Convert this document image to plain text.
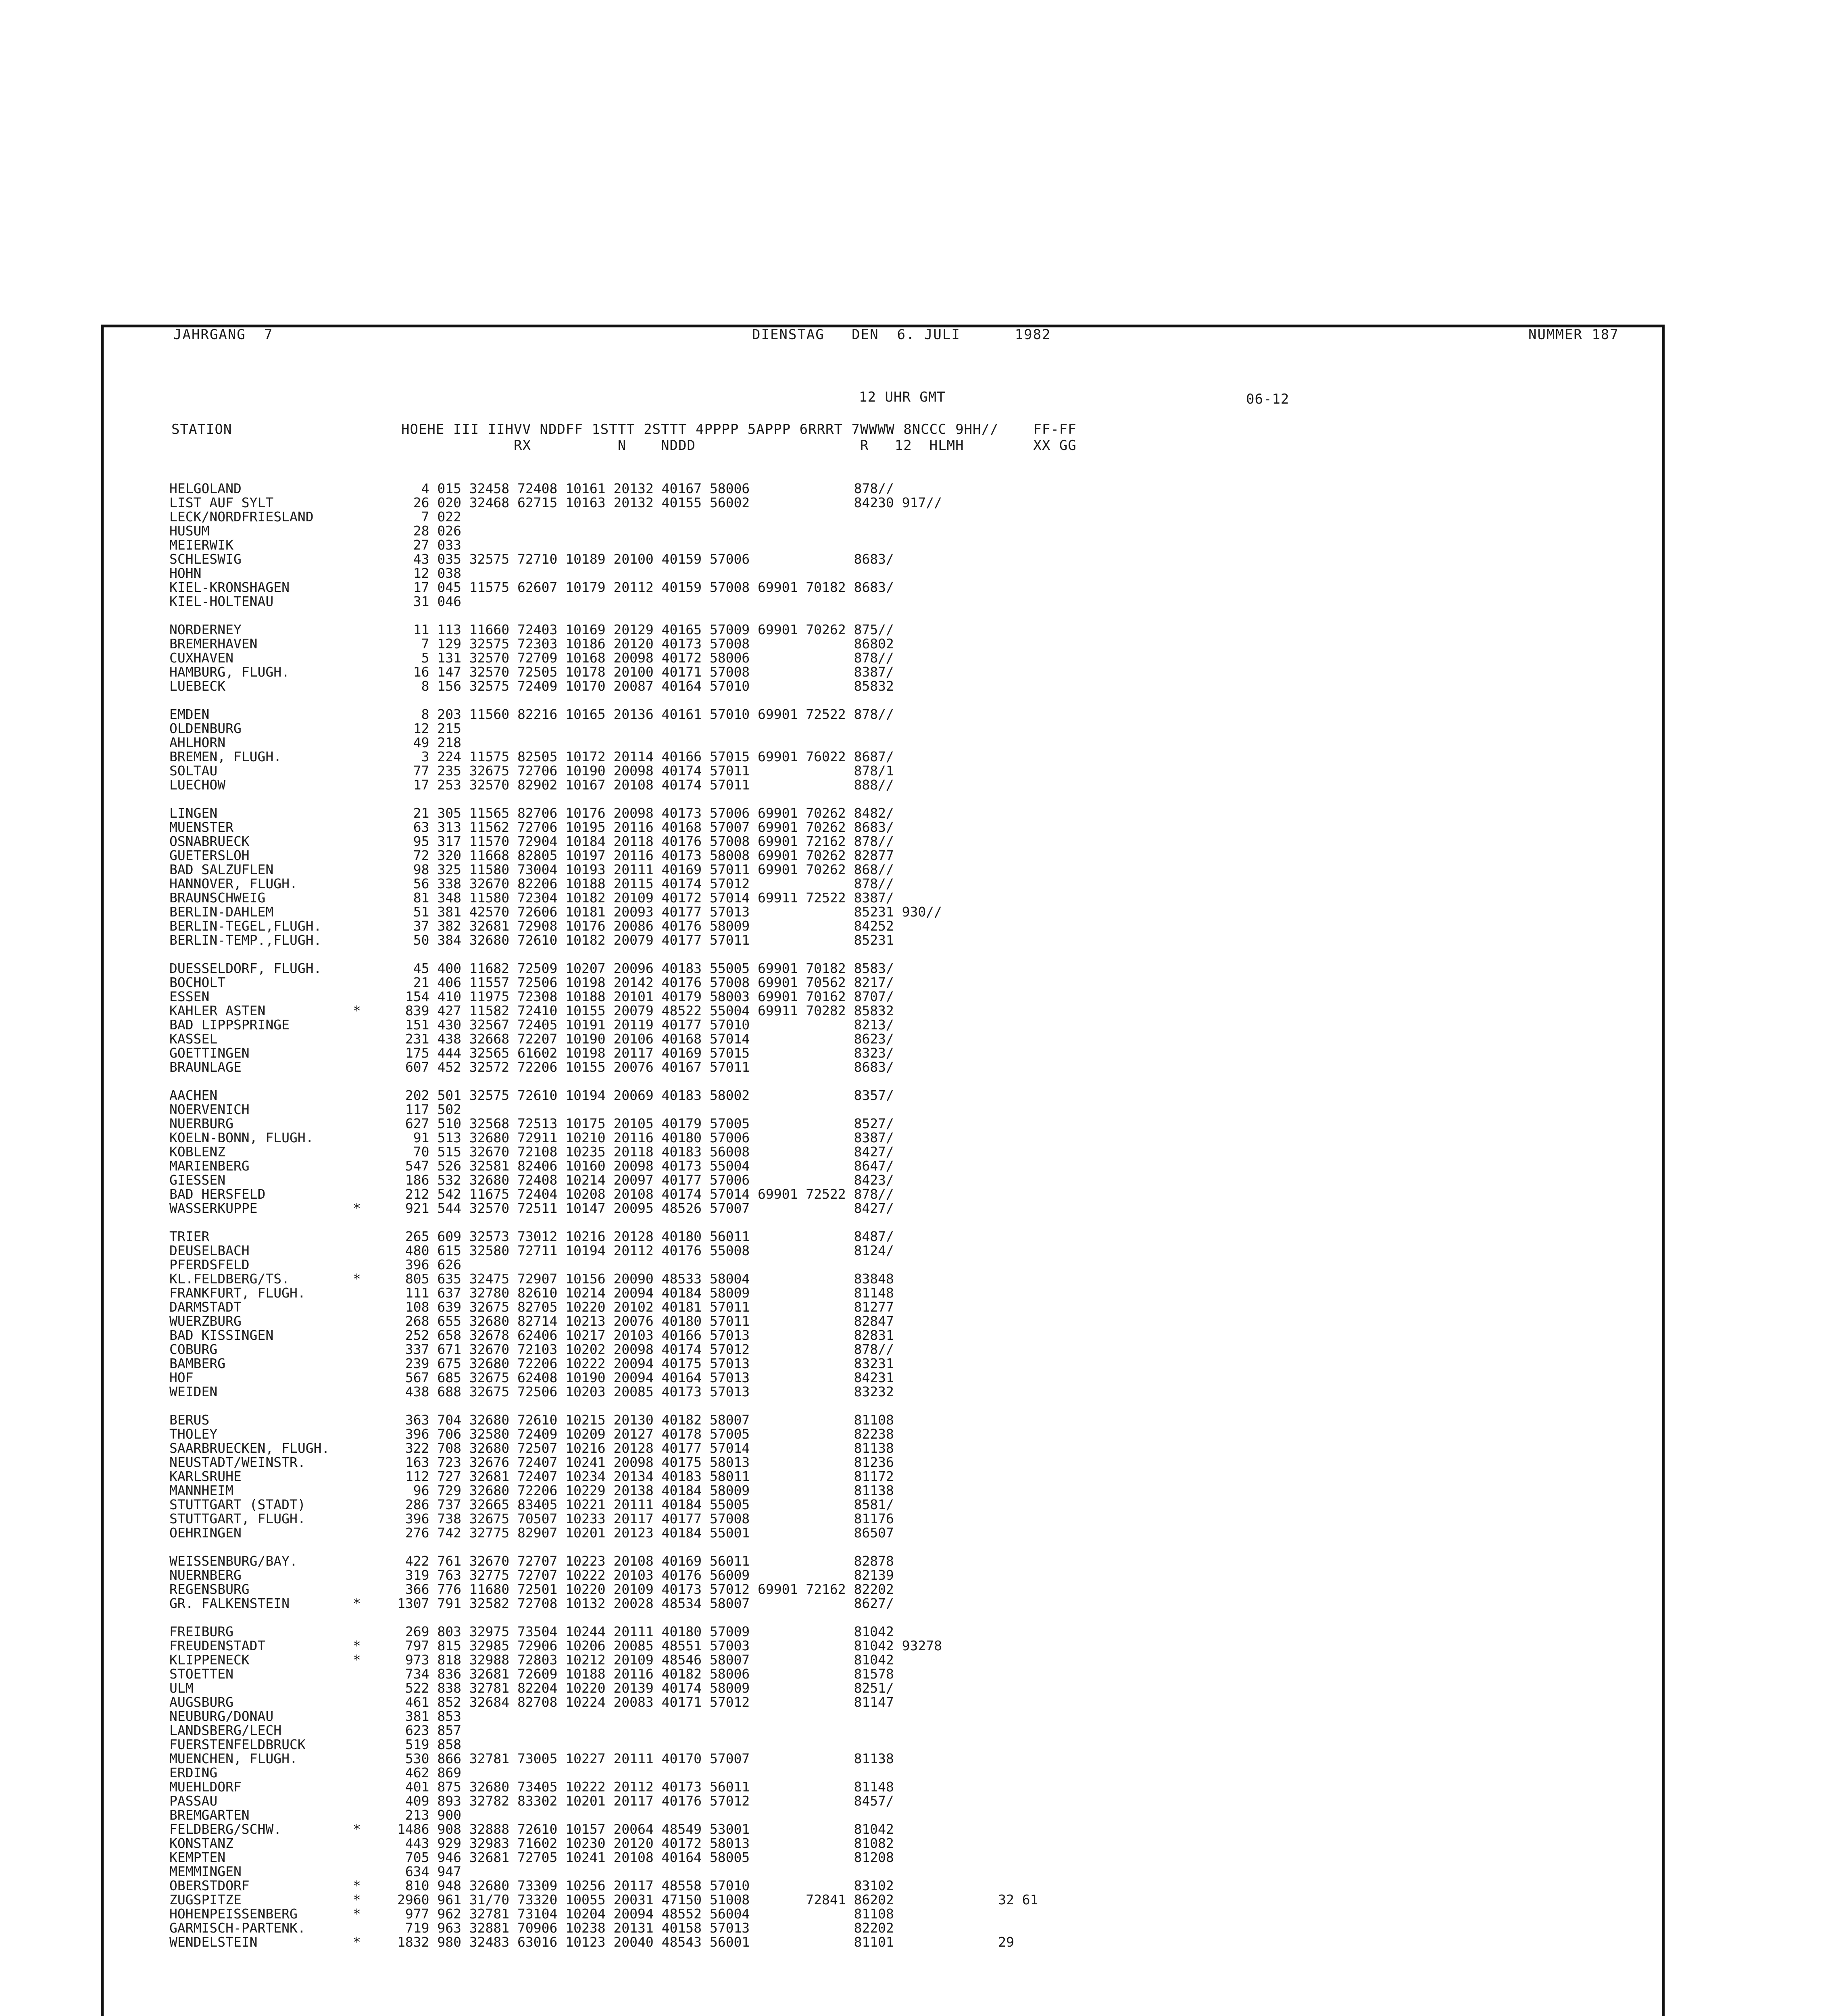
JAHRGANG  7	DIENSTAG   DEN  6. JULI      1982	NUMMER 187
12 UHR GMT	06-12
STATION	HOEHE III IIHVV NDDFF 1STTT 2STTT 4PPPP 5APPP 6RRRT 7WWWW 8NCCC 9HH//    FF-FF
RX          N    NDDD                   R   12  HLMH        XX GG
HELGOLAND	4 015 32458 72408 10161 20132 40167 58006             878//
LIST AUF SYLT	26 020 32468 62715 10163 20132 40155 56002             84230 917//
LECK/NORDFRIESLAND	7 022
HUSUM	28 026
MEIERWIK	27 033
SCHLESWIG	43 035 32575 72710 10189 20100 40159 57006             8683/
HOHN	12 038
KIEL-KRONSHAGEN	17 045 11575 62607 10179 20112 40159 57008 69901 70182 8683/
KIEL-HOLTENAU	31 046
NORDERNEY	11 113 11660 72403 10169 20129 40165 57009 69901 70262 875//
BREMERHAVEN	7 129 32575 72303 10186 20120 40173 57008             86802
CUXHAVEN	5 131 32570 72709 10168 20098 40172 58006             878//
HAMBURG, FLUGH.	16 147 32570 72505 10178 20100 40171 57008             8387/
LUEBECK	8 156 32575 72409 10170 20087 40164 57010             85832
EMDEN	8 203 11560 82216 10165 20136 40161 57010 69901 72522 878//
OLDENBURG	12 215
AHLHORN	49 218
BREMEN, FLUGH.	3 224 11575 82505 10172 20114 40166 57015 69901 76022 8687/
SOLTAU	77 235 32675 72706 10190 20098 40174 57011             878/1
LUECHOW	17 253 32570 82902 10167 20108 40174 57011             888//
LINGEN	21 305 11565 82706 10176 20098 40173 57006 69901 70262 8482/
MUENSTER	63 313 11562 72706 10195 20116 40168 57007 69901 70262 8683/
OSNABRUECK	95 317 11570 72904 10184 20118 40176 57008 69901 72162 878//
GUETERSLOH	72 320 11668 82805 10197 20116 40173 58008 69901 70262 82877
BAD SALZUFLEN	98 325 11580 73004 10193 20111 40169 57011 69901 70262 868//
HANNOVER, FLUGH.	56 338 32670 82206 10188 20115 40174 57012             878//
BRAUNSCHWEIG	81 348 11580 72304 10182 20109 40172 57014 69911 72522 8387/
BERLIN-DAHLEM	51 381 42570 72606 10181 20093 40177 57013             85231 930//
BERLIN-TEGEL,FLUGH.	37 382 32681 72908 10176 20086 40176 58009             84252
BERLIN-TEMP.,FLUGH.	50 384 32680 72610 10182 20079 40177 57011             85231
DUESSELDORF, FLUGH.	45 400 11682 72509 10207 20096 40183 55005 69901 70182 8583/
BOCHOLT	21 406 11557 72506 10198 20142 40176 57008 69901 70562 8217/
ESSEN	154 410 11975 72308 10188 20101 40179 58003 69901 70162 8707/
KAHLER ASTEN	*	839 427 11582 72410 10155 20079 48522 55004 69911 70282 85832
BAD LIPPSPRINGE	151 430 32567 72405 10191 20119 40177 57010             8213/
KASSEL	231 438 32668 72207 10190 20106 40168 57014             8623/
GOETTINGEN	175 444 32565 61602 10198 20117 40169 57015             8323/
BRAUNLAGE	607 452 32572 72206 10155 20076 40167 57011             8683/
AACHEN	202 501 32575 72610 10194 20069 40183 58002             8357/
NOERVENICH	117 502
NUERBURG	627 510 32568 72513 10175 20105 40179 57005             8527/
KOELN-BONN, FLUGH.	91 513 32680 72911 10210 20116 40180 57006             8387/
KOBLENZ	70 515 32670 72108 10235 20118 40183 56008             8427/
MARIENBERG	547 526 32581 82406 10160 20098 40173 55004             8647/
GIESSEN	186 532 32680 72408 10214 20097 40177 57006             8423/
BAD HERSFELD	212 542 11675 72404 10208 20108 40174 57014 69901 72522 878//
WASSERKUPPE	*	921 544 32570 72511 10147 20095 48526 57007             8427/
TRIER	265 609 32573 73012 10216 20128 40180 56011             8487/
DEUSELBACH	480 615 32580 72711 10194 20112 40176 55008             8124/
PFERDSFELD	396 626
KL.FELDBERG/TS.	*	805 635 32475 72907 10156 20090 48533 58004             83848
FRANKFURT, FLUGH.	111 637 32780 82610 10214 20094 40184 58009             81148
DARMSTADT	108 639 32675 82705 10220 20102 40181 57011             81277
WUERZBURG	268 655 32680 82714 10213 20076 40180 57011             82847
BAD KISSINGEN	252 658 32678 62406 10217 20103 40166 57013             82831
COBURG	337 671 32670 72103 10202 20098 40174 57012             878//
BAMBERG	239 675 32680 72206 10222 20094 40175 57013             83231
HOF	567 685 32675 62408 10190 20094 40164 57013             84231
WEIDEN	438 688 32675 72506 10203 20085 40173 57013             83232
BERUS	363 704 32680 72610 10215 20130 40182 58007             81108
THOLEY	396 706 32580 72409 10209 20127 40178 57005             82238
SAARBRUECKEN, FLUGH.	322 708 32680 72507 10216 20128 40177 57014             81138
NEUSTADT/WEINSTR.	163 723 32676 72407 10241 20098 40175 58013             81236
KARLSRUHE	112 727 32681 72407 10234 20134 40183 58011             81172
MANNHEIM	96 729 32680 72206 10229 20138 40184 58009             81138
STUTTGART (STADT)	286 737 32665 83405 10221 20111 40184 55005             8581/
STUTTGART, FLUGH.	396 738 32675 70507 10233 20117 40177 57008             81176
OEHRINGEN	276 742 32775 82907 10201 20123 40184 55001             86507
WEISSENBURG/BAY.	422 761 32670 72707 10223 20108 40169 56011             82878
NUERNBERG	319 763 32775 72707 10222 20103 40176 56009             82139
REGENSBURG	366 776 11680 72501 10220 20109 40173 57012 69901 72162 82202
GR. FALKENSTEIN	*	1307 791 32582 72708 10132 20028 48534 58007             8627/
FREIBURG	269 803 32975 73504 10244 20111 40180 57009             81042
FREUDENSTADT	*	797 815 32985 72906 10206 20085 48551 57003             81042 93278
KLIPPENECK	*	973 818 32988 72803 10212 20109 48546 58007             81042
STOETTEN	734 836 32681 72609 10188 20116 40182 58006             81578
ULM	522 838 32781 82204 10220 20139 40174 58009             8251/
AUGSBURG	461 852 32684 82708 10224 20083 40171 57012             81147
NEUBURG/DONAU	381 853
LANDSBERG/LECH	623 857
FUERSTENFELDBRUCK	519 858
MUENCHEN, FLUGH.	530 866 32781 73005 10227 20111 40170 57007             81138
ERDING	462 869
MUEHLDORF	401 875 32680 73405 10222 20112 40173 56011             81148
PASSAU	409 893 32782 83302 10201 20117 40176 57012             8457/
BREMGARTEN	213 900
FELDBERG/SCHW.	*	1486 908 32888 72610 10157 20064 48549 53001             81042
KONSTANZ	443 929 32983 71602 10230 20120 40172 58013             81082
KEMPTEN	705 946 32681 72705 10241 20108 40164 58005             81208
MEMMINGEN	634 947
OBERSTDORF	*	810 948 32680 73309 10256 20117 48558 57010             83102
ZUGSPITZE	*	2960 961 31/70 73320 10055 20031 47150 51008       72841 86202             32 61
HOHENPEISSENBERG	*	977 962 32781 73104 10204 20094 48552 56004             81108
GARMISCH-PARTENK.	719 963 32881 70906 10238 20131 40158 57013             82202
WENDELSTEIN	*	1832 980 32483 63016 10123 20040 48543 56001             81101             29
